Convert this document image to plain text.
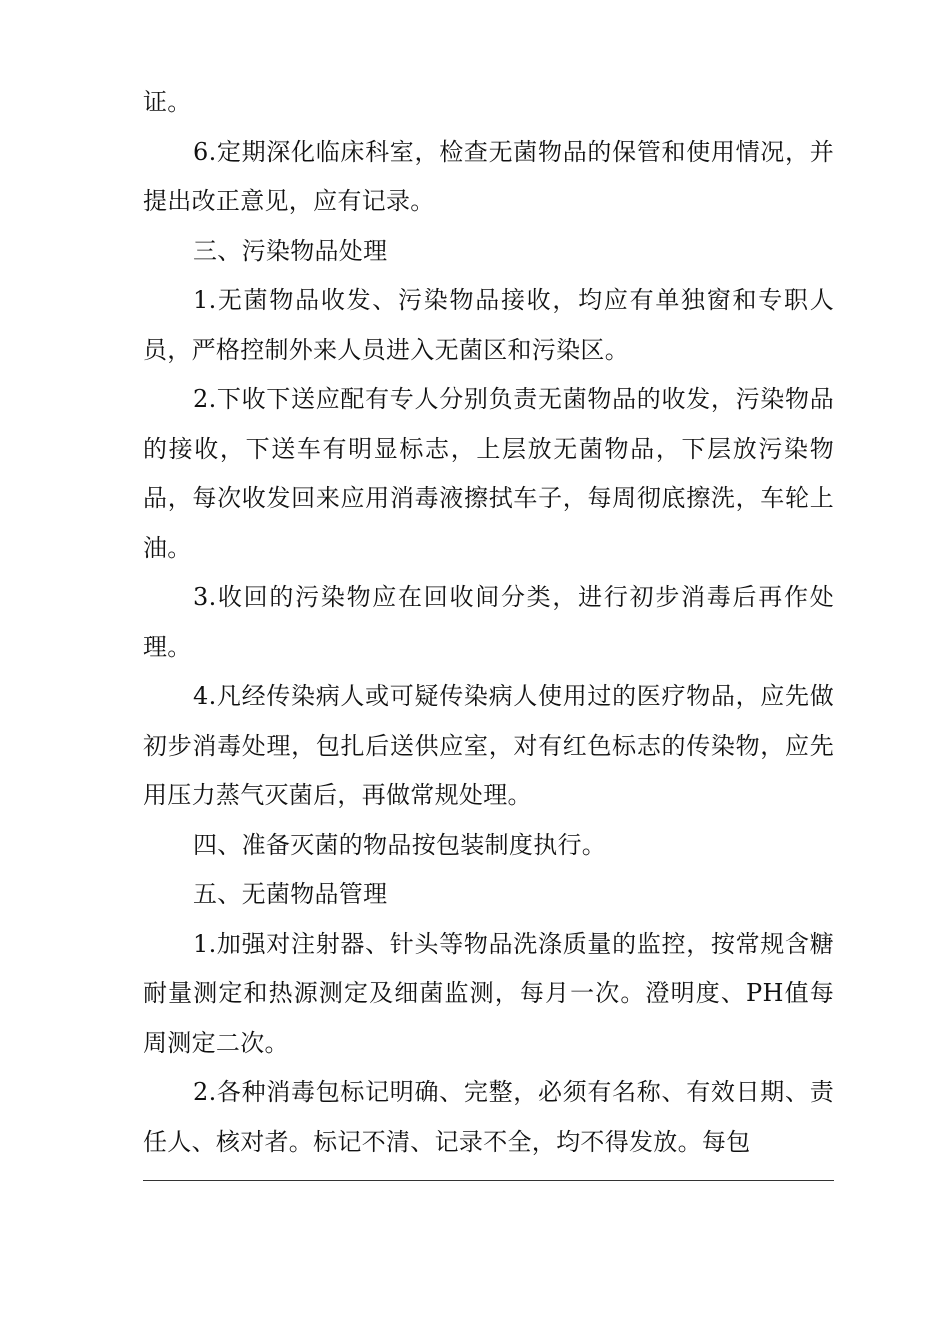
证。

6.定期深化临床科室，检查无菌物品的保管和使用情况，并提出改正意见，应有记录。

三、污染物品处理

1.无菌物品收发、污染物品接收，均应有单独窗和专职人员，严格控制外来人员进入无菌区和污染区。

2.下收下送应配有专人分别负责无菌物品的收发，污染物品的接收，下送车有明显标志，上层放无菌物品，下层放污染物品，每次收发回来应用消毒液擦拭车子，每周彻底擦洗，车轮上油。

3.收回的污染物应在回收间分类，进行初步消毒后再作处理。

4.凡经传染病人或可疑传染病人使用过的医疗物品，应先做初步消毒处理，包扎后送供应室，对有红色标志的传染物，应先用压力蒸气灭菌后，再做常规处理。

四、准备灭菌的物品按包装制度执行。

五、无菌物品管理

1.加强对注射器、针头等物品洗涤质量的监控，按常规含糖耐量测定和热源测定及细菌监测，每月一次。澄明度、PH值每周测定二次。

2.各种消毒包标记明确、完整，必须有名称、有效日期、责任人、核对者。标记不清、记录不全，均不得发放。每包
